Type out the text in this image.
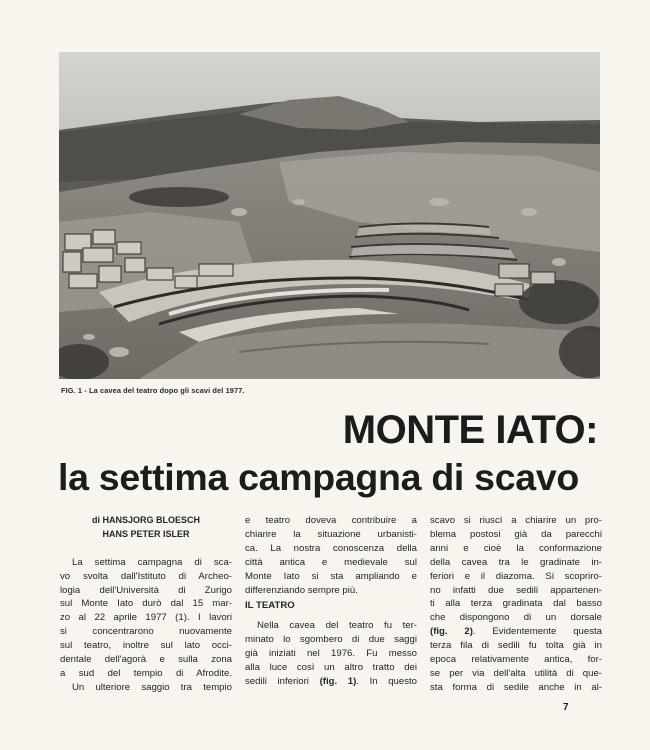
FIG. 1 - La cavea del teatro dopo gli scavi del 1977.
MONTE IATO:
la settima campagna di scavo
di HANSJORG BLOESCH
HANS PETER ISLER
La settima campagna di sca-
vo svolta dall'Istituto di Archeo-
logia dell'Università di Zurigo
sul Monte Iato durò dal 15 mar-
zo al 22 aprile 1977 (1). I lavori
si concentrarono nuovamente
sul teatro, inoltre sul lato occi-
dentale dell'agorà e sulla zona
a sud del tempio di Afrodite.
Un ulteriore saggio tra tempio
e teatro doveva contribuire a
chiarire la situazione urbanisti-
ca. La nostra conoscenza della
città antica e medievale sul
Monte Iato si sta ampliando e
differenziando sempre più.
IL TEATRO
Nella cavea del teatro fu ter-
minato lo sgombero di due saggi
già iniziati nel 1976. Fu messo
alla luce così un altro tratto dei
sedili inferiori (fig. 1). In questo
scavo si riuscì a chiarire un pro-
blema postosi già da parecchi
anni e cioè la conformazione
della cavea tra le gradinate in-
feriori e il diazoma. Si scopriro-
no infatti due sedili appartenen-
ti alla terza gradinata dal basso
che dispongono di un dorsale
(fig. 2). Evidentemente questa
terza fila di sedili fu tolta già in
epoca relativamente antica, for-
se per via dell'alta utilità di que-
sta forma di sedile anche in al-
7
